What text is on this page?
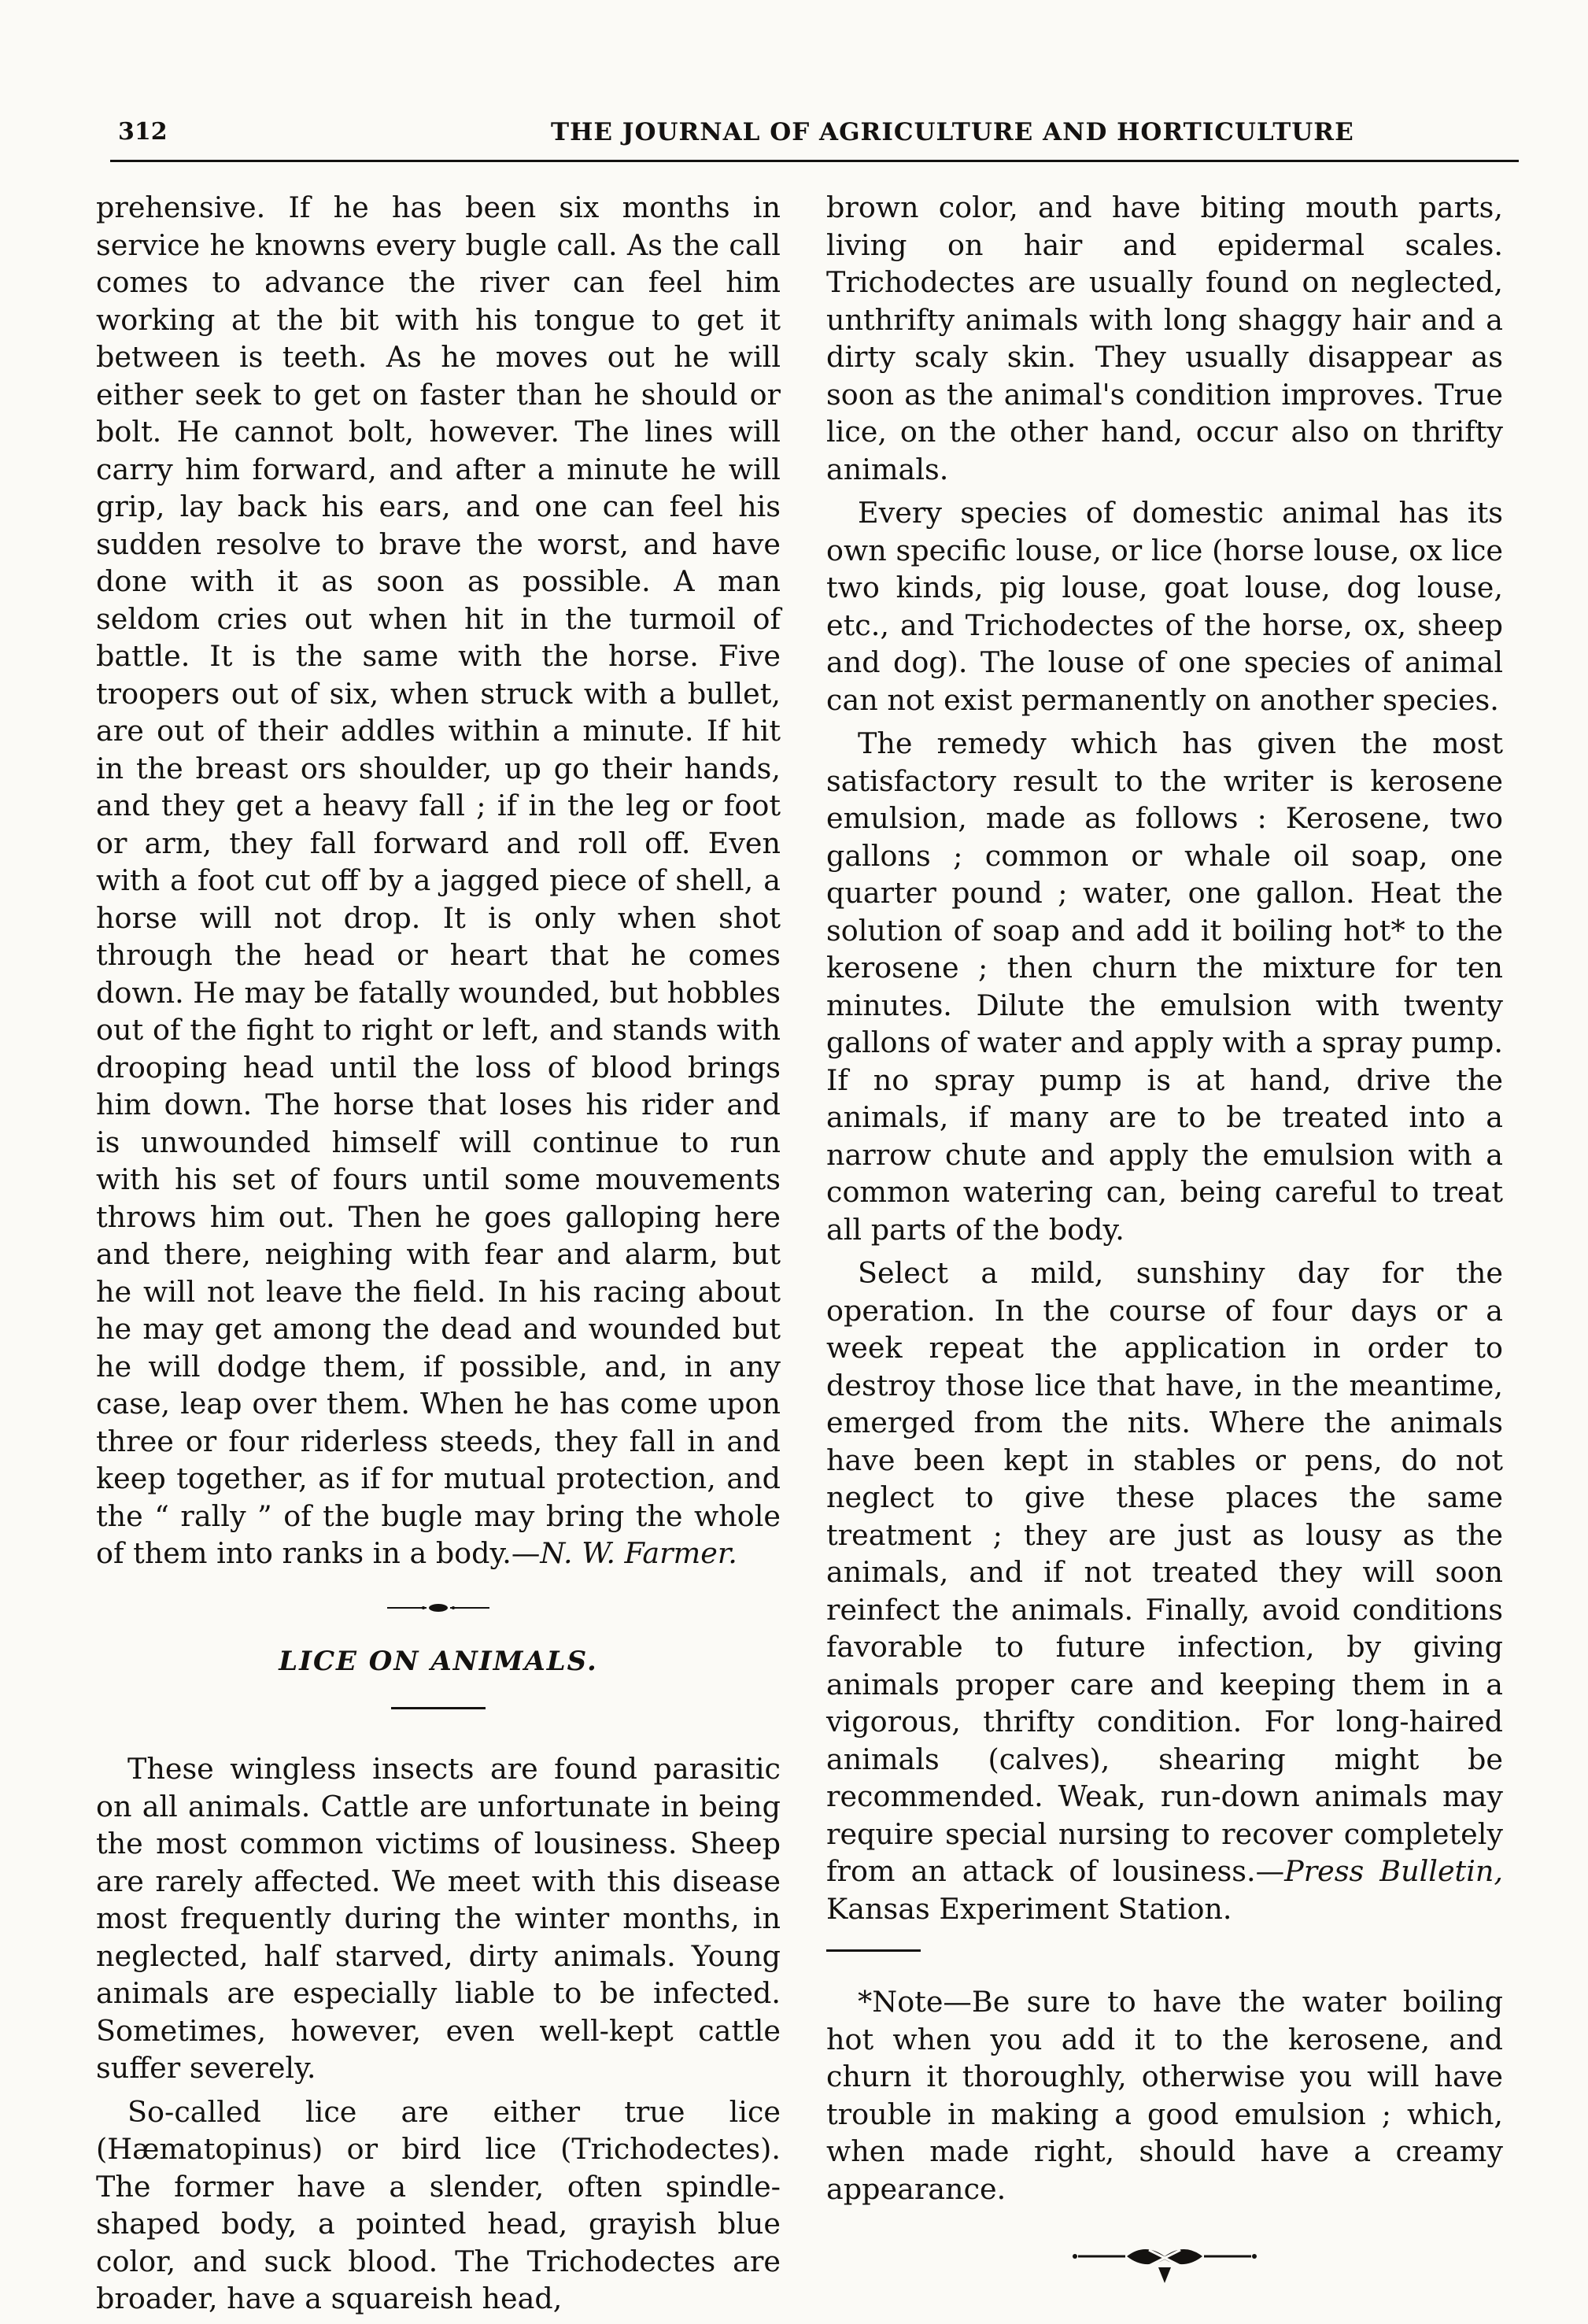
312	THE JOURNAL OF AGRICULTURE AND HORTICULTURE

prehensive. If he has been six months in service he knowns every bugle call. As the call comes to advance the river can feel him working at the bit with his tongue to get it between is teeth. As he moves out he will either seek to get on faster than he should or bolt. He cannot bolt, however. The lines will carry him forward, and after a minute he will grip, lay back his ears, and one can feel his sudden resolve to brave the worst, and have done with it as soon as possible. A man seldom cries out when hit in the turmoil of battle. It is the same with the horse. Five troopers out of six, when struck with a bullet, are out of their addles within a minute. If hit in the breast ors shoulder, up go their hands, and they get a heavy fall ; if in the leg or foot or arm, they fall forward and roll off. Even with a foot cut off by a jagged piece of shell, a horse will not drop. It is only when shot through the head or heart that he comes down. He may be fatally wounded, but hobbles out of the fight to right or left, and stands with drooping head until the loss of blood brings him down. The horse that loses his rider and is unwounded himself will continue to run with his set of fours until some mouvements throws him out. Then he goes galloping here and there, neighing with fear and alarm, but he will not leave the field. In his racing about he may get among the dead and wounded but he will dodge them, if possible, and, in any case, leap over them. When he has come upon three or four riderless steeds, they fall in and keep together, as if for mutual protection, and the “ rally ” of the bugle may bring the whole of them into ranks in a body.—N. W. Farmer.

LICE ON ANIMALS.

These wingless insects are found parasitic on all animals. Cattle are unfortunate in being the most common victims of lousiness. Sheep are rarely affected. We meet with this disease most frequently during the winter months, in neglected, half starved, dirty animals. Young animals are especially liable to be infected. Sometimes, however, even well-kept cattle suffer severely.

So-called lice are either true lice (Hæmatopinus) or bird lice (Trichodectes). The former have a slender, often spindle-shaped body, a pointed head, grayish blue color, and suck blood. The Trichodectes are broader, have a squareish head,

brown color, and have biting mouth parts, living on hair and epidermal scales. Trichodectes are usually found on neglected, unthrifty animals with long shaggy hair and a dirty scaly skin. They usually disappear as soon as the animal's condition improves. True lice, on the other hand, occur also on thrifty animals.

Every species of domestic animal has its own specific louse, or lice (horse louse, ox lice two kinds, pig louse, goat louse, dog louse, etc., and Trichodectes of the horse, ox, sheep and dog). The louse of one species of animal can not exist permanently on another species.

The remedy which has given the most satisfactory result to the writer is kerosene emulsion, made as follows : Kerosene, two gallons ; common or whale oil soap, one quarter pound ; water, one gallon. Heat the solution of soap and add it boiling hot* to the kerosene ; then churn the mixture for ten minutes. Dilute the emulsion with twenty gallons of water and apply with a spray pump. If no spray pump is at hand, drive the animals, if many are to be treated into a narrow chute and apply the emulsion with a common watering can, being careful to treat all parts of the body.

Select a mild, sunshiny day for the operation. In the course of four days or a week repeat the application in order to destroy those lice that have, in the meantime, emerged from the nits. Where the animals have been kept in stables or pens, do not neglect to give these places the same treatment ; they are just as lousy as the animals, and if not treated they will soon reinfect the animals. Finally, avoid conditions favorable to future infection, by giving animals proper care and keeping them in a vigorous, thrifty condition. For long-haired animals (calves), shearing might be recommended. Weak, run-down animals may require special nursing to recover completely from an attack of lousiness.—Press Bulletin, Kansas Experiment Station.

*Note—Be sure to have the water boiling hot when you add it to the kerosene, and churn it thoroughly, otherwise you will have trouble in making a good emulsion ; which, when made right, should have a creamy appearance.
